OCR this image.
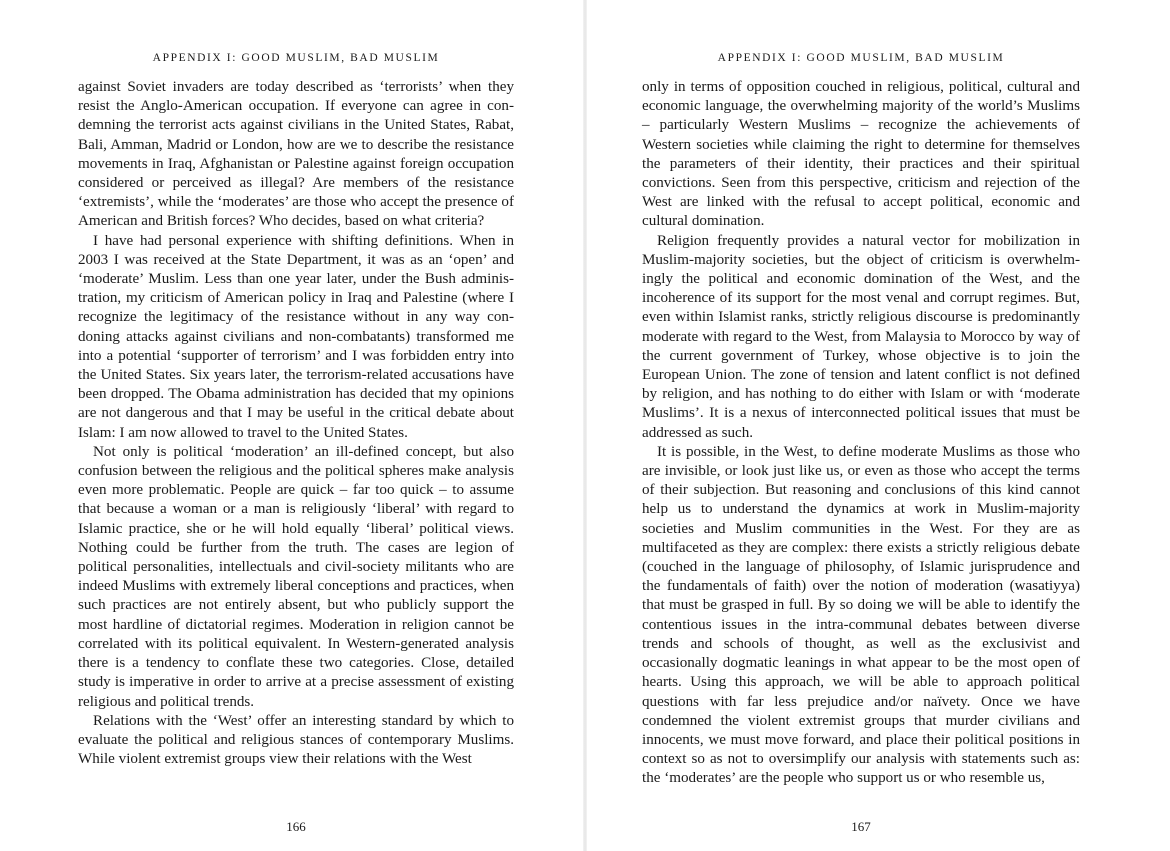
APPENDIX I: GOOD MUSLIM, BAD MUSLIM

against Soviet invaders are today described as ‘terrorists’ when they resist the Anglo-American occupation. If everyone can agree in condemning the terrorist acts against civilians in the United States, Rabat, Bali, Amman, Madrid or London, how are we to describe the resistance movements in Iraq, Afghanistan or Palestine against foreign occupation considered or perceived as illegal? Are members of the resistance ‘extremists’, while the ‘moderates’ are those who accept the presence of American and British forces? Who decides, based on what criteria?

I have had personal experience with shifting definitions. When in 2003 I was received at the State Department, it was as an ‘open’ and ‘moderate’ Muslim. Less than one year later, under the Bush administration, my criticism of American policy in Iraq and Palestine (where I recognize the legitimacy of the resistance without in any way condoning attacks against civilians and non-combatants) transformed me into a potential ‘supporter of terrorism’ and I was forbidden entry into the United States. Six years later, the terrorism-related accusations have been dropped. The Obama administration has decided that my opinions are not dangerous and that I may be useful in the critical debate about Islam: I am now allowed to travel to the United States.

Not only is political ‘moderation’ an ill-defined concept, but also confusion between the religious and the political spheres make analysis even more problematic. People are quick – far too quick – to assume that because a woman or a man is religiously ‘liberal’ with regard to Islamic practice, she or he will hold equally ‘liberal’ political views. Nothing could be further from the truth. The cases are legion of political personalities, intellectuals and civil-society militants who are indeed Muslims with extremely liberal conceptions and practices, when such practices are not entirely absent, but who publicly support the most hardline of dictatorial regimes. Moderation in religion cannot be correlated with its political equivalent. In Western-generated analysis there is a tendency to conflate these two categories. Close, detailed study is imperative in order to arrive at a precise assessment of existing religious and political trends.

Relations with the ‘West’ offer an interesting standard by which to evaluate the political and religious stances of contemporary Muslims. While violent extremist groups view their relations with the West

166
APPENDIX I: GOOD MUSLIM, BAD MUSLIM

only in terms of opposition couched in religious, political, cultural and economic language, the overwhelming majority of the world’s Muslims – particularly Western Muslims – recognize the achievements of Western societies while claiming the right to determine for themselves the parameters of their identity, their practices and their spiritual convictions. Seen from this perspective, criticism and rejection of the West are linked with the refusal to accept political, economic and cultural domination.

Religion frequently provides a natural vector for mobilization in Muslim-majority societies, but the object of criticism is overwhelmingly the political and economic domination of the West, and the incoherence of its support for the most venal and corrupt regimes. But, even within Islamist ranks, strictly religious discourse is predominantly moderate with regard to the West, from Malaysia to Morocco by way of the current government of Turkey, whose objective is to join the European Union. The zone of tension and latent conflict is not defined by religion, and has nothing to do either with Islam or with ‘moderate Muslims’. It is a nexus of interconnected political issues that must be addressed as such.

It is possible, in the West, to define moderate Muslims as those who are invisible, or look just like us, or even as those who accept the terms of their subjection. But reasoning and conclusions of this kind cannot help us to understand the dynamics at work in Muslim-majority societies and Muslim communities in the West. For they are as multifaceted as they are complex: there exists a strictly religious debate (couched in the language of philosophy, of Islamic jurisprudence and the fundamentals of faith) over the notion of moderation (wasatiyya) that must be grasped in full. By so doing we will be able to identify the contentious issues in the intra-communal debates between diverse trends and schools of thought, as well as the exclusivist and occasionally dogmatic leanings in what appear to be the most open of hearts. Using this approach, we will be able to approach political questions with far less prejudice and/or naïvety. Once we have condemned the violent extremist groups that murder civilians and innocents, we must move forward, and place their political positions in context so as not to oversimplify our analysis with statements such as: the ‘moderates’ are the people who support us or who resemble us,

167
